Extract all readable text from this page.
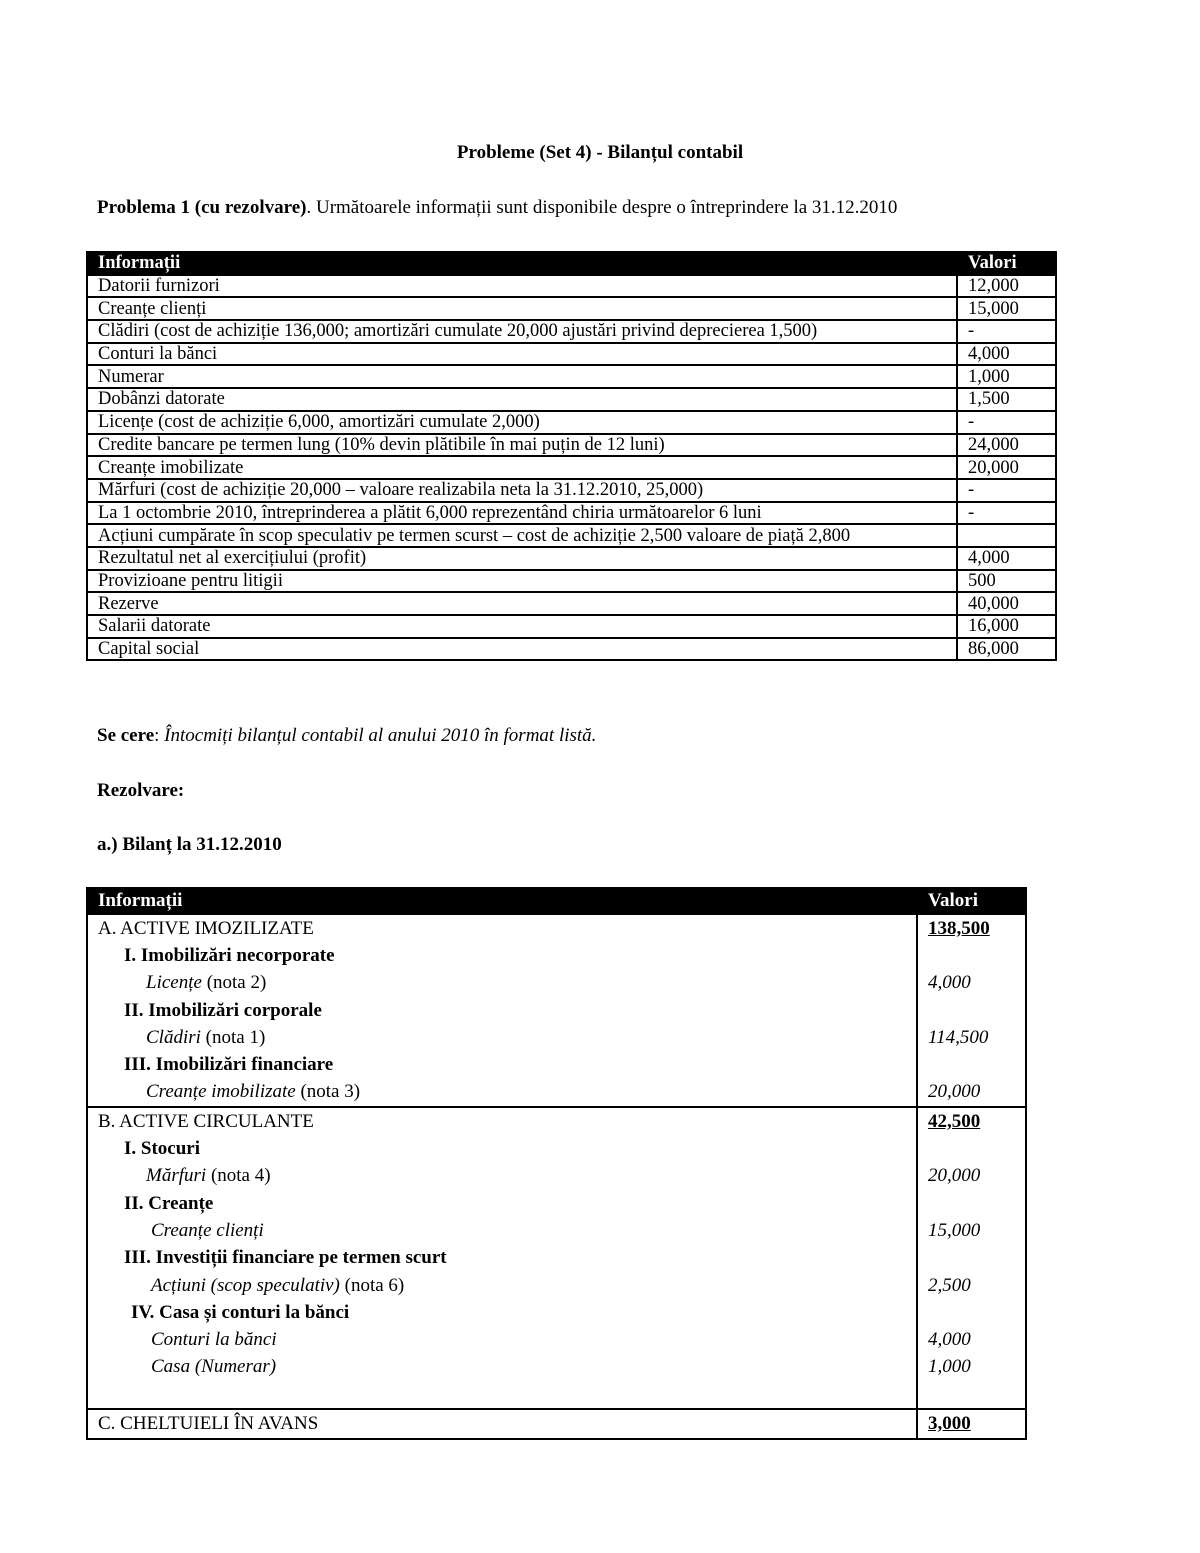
Probleme (Set 4) - Bilanțul contabil
Problema 1 (cu rezolvare). Următoarele informații sunt disponibile despre o întreprindere la 31.12.2010
Informații	Valori
Datorii furnizori	12,000
Creanțe clienți	15,000
Clădiri (cost de achiziție 136,000; amortizări cumulate 20,000 ajustări privind deprecierea 1,500)	-
Conturi la bănci	4,000
Numerar	1,000
Dobânzi datorate	1,500
Licențe (cost de achiziție 6,000, amortizări cumulate 2,000)	-
Credite bancare pe termen lung (10% devin plătibile în mai puțin de 12 luni)	24,000
Creanțe imobilizate	20,000
Mărfuri (cost de achiziție 20,000 – valoare realizabila neta la 31.12.2010, 25,000)	-
La 1 octombrie 2010, întreprinderea a plătit 6,000 reprezentând chiria următoarelor 6 luni	-
Acțiuni cumpărate în scop speculativ pe termen scurst – cost de achiziție 2,500 valoare de piață 2,800	
Rezultatul net al exercițiului (profit)	4,000
Provizioane pentru litigii	500
Rezerve	40,000
Salarii datorate	16,000
Capital social	86,000
Se cere: Întocmiți bilanțul contabil al anului 2010 în format listă.
Rezolvare:
a.) Bilanț la 31.12.2010
Informații	Valori
A. ACTIVE IMOZILIZATE	138,500
I. Imobilizări necorporate	
Licențe (nota 2)	4,000
II. Imobilizări corporale	
Clădiri (nota 1)	114,500
III. Imobilizări financiare	
Creanțe imobilizate (nota 3)	20,000
B. ACTIVE CIRCULANTE	42,500
I. Stocuri	
Mărfuri (nota 4)	20,000
II. Creanțe	
Creanțe clienți	15,000
III. Investiții financiare pe termen scurt	
Acțiuni (scop speculativ) (nota 6)	2,500
IV. Casa și conturi la bănci	
Conturi la bănci	4,000
Casa (Numerar)	1,000

C. CHELTUIELI ÎN AVANS	3,000
